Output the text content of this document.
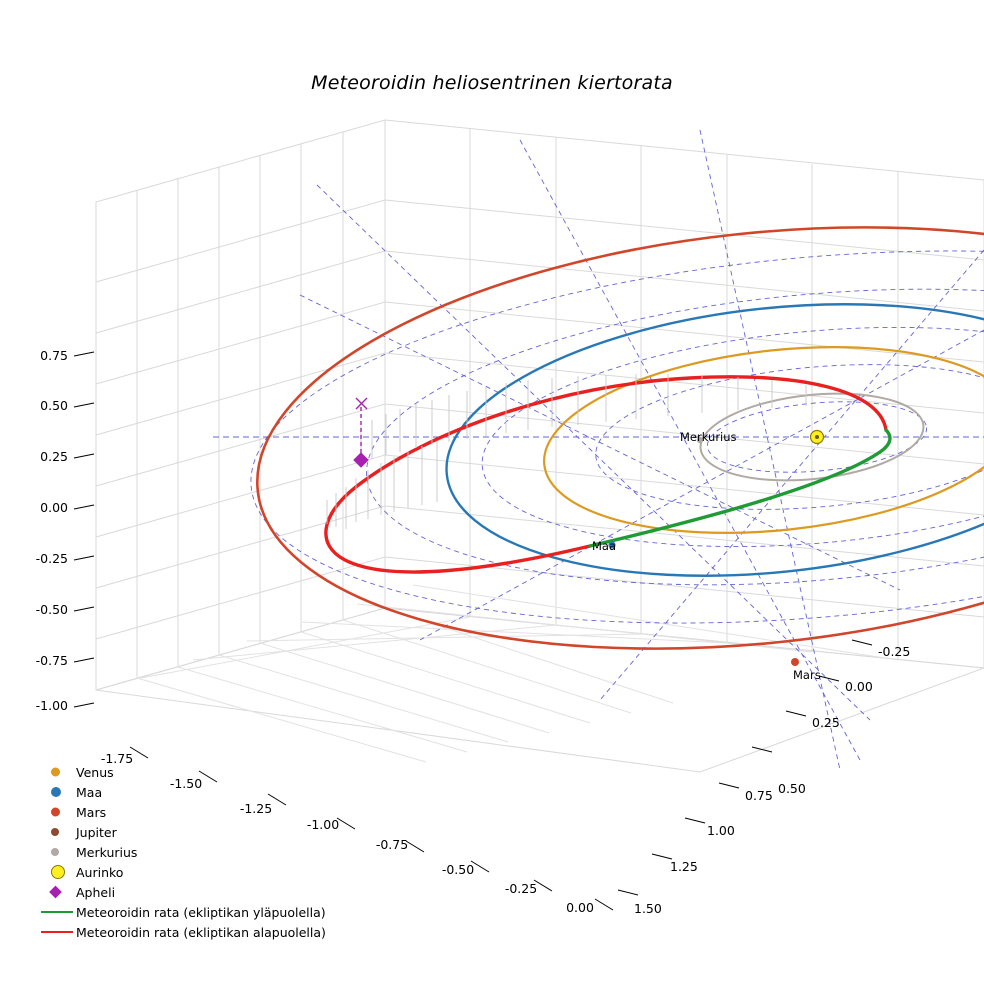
Meteoroidin heliosentrinen kiertorata
Merkurius
Maa
Mars
0.75
0.50
0.25
0.00
-0.25
-0.50
-0.75
-1.00
-1.75
-1.50
-1.25
-1.00
-0.75
-0.50
-0.25
0.00
-0.25
0.00
0.25
0.50
0.75
1.00
1.25
1.50
Venus
Maa
Mars
Jupiter
Merkurius
Aurinko
Apheli
Meteoroidin rata (ekliptikan yläpuolella)
Meteoroidin rata (ekliptikan alapuolella)
